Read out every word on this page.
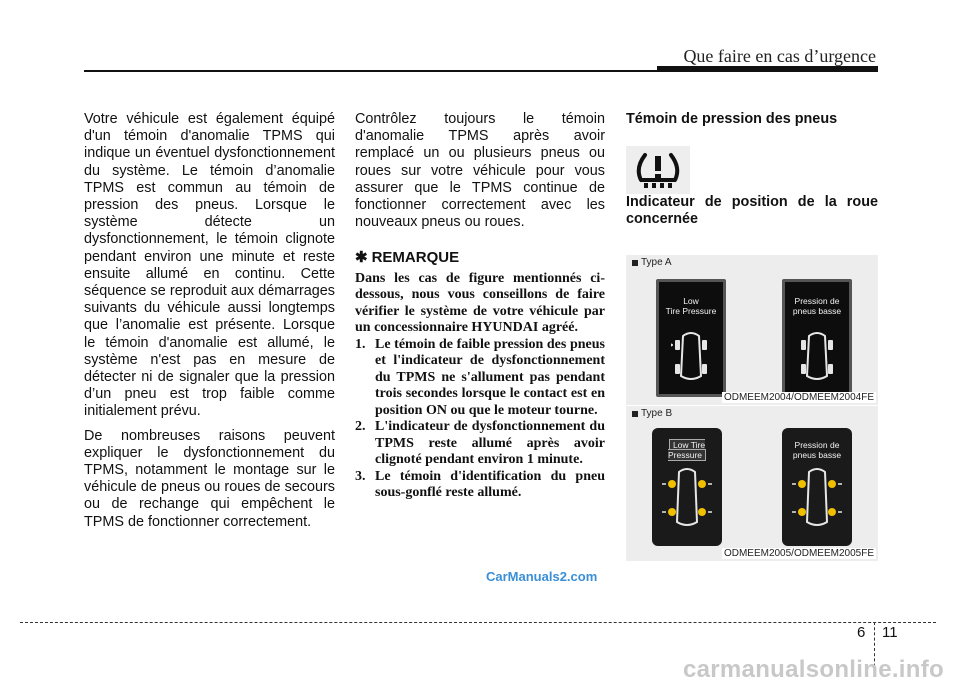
Que faire en cas d’urgence

Votre véhicule est également équipé d'un témoin d'anomalie TPMS qui indique un éventuel dysfonctionnement du système. Le témoin d’anomalie TPMS est commun au témoin de pression des pneus. Lorsque le système détecte un dysfonctionnement, le témoin clignote pendant environ une minute et reste ensuite allumé en continu. Cette séquence se reproduit aux démarrages suivants du véhicule aussi longtemps que l’anomalie est présente. Lorsque le témoin d'anomalie est allumé, le système n'est pas en mesure de détecter ni de signaler que la pression d’un pneu est trop faible comme initialement prévu.

De nombreuses raisons peuvent expliquer le dysfonctionnement du TPMS, notamment le montage sur le véhicule de pneus ou roues de secours ou de rechange qui empêchent le TPMS de fonctionner correctement.

Contrôlez toujours le témoin d'anomalie TPMS après avoir remplacé un ou plusieurs pneus ou roues sur votre véhicule pour vous assurer que le TPMS continue de fonctionner correctement avec les nouveaux pneus ou roues.

✱ REMARQUE

Dans les cas de figure mentionnés ci-dessous, nous vous conseillons de faire vérifier le système de votre véhicule par un concessionnaire HYUNDAI agréé.

1. Le témoin de faible pression des pneus et l'indicateur de dysfonctionnement du TPMS ne s'allument pas pendant trois secondes lorsque le contact est en position ON ou que le moteur tourne.
2. L'indicateur de dysfonctionnement du TPMS reste allumé après avoir clignoté pendant environ 1 minute.
3. Le témoin d'identification du pneu sous-gonflé reste allumé.

Témoin de pression des pneus

Indicateur de position de la roue concernée

Type A
Low
Tire Pressure
Pression de
pneus basse
ODMEEM2004/ODMEEM2004FE
Type B
Low Tire Pressure
Pression de
pneus basse
ODMEEM2005/ODMEEM2005FE
CarManuals2.com
6 11
carmanualsonline.info
